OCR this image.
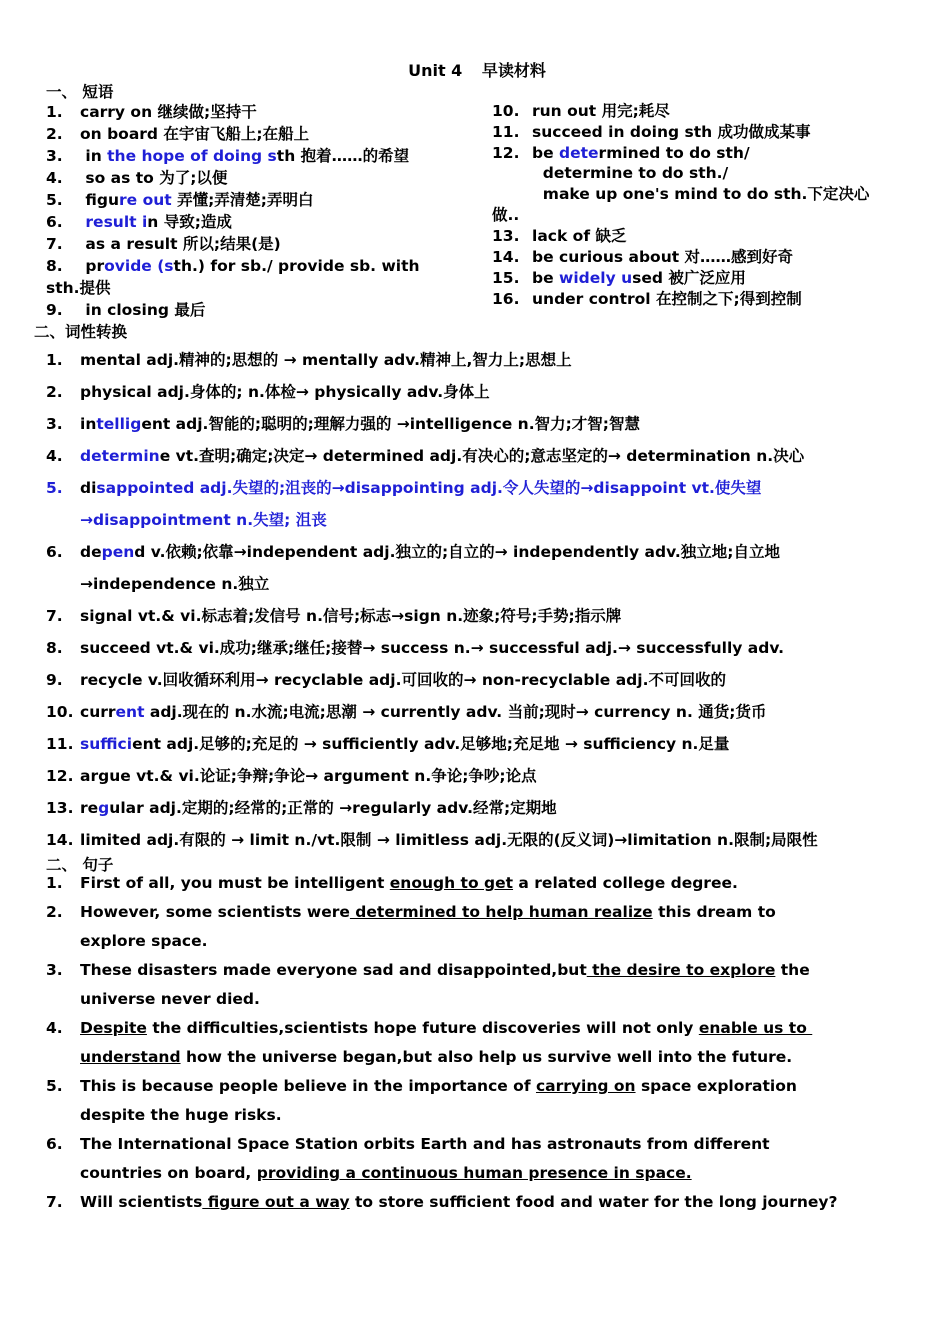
Unit 4 早读材料
一、 短语
1. carry on 继续做;坚持干
2. on board 在宇宙飞船上;在船上
3. in the hope of doing sth 抱着……的希望
4. so as to 为了;以便
5. figure out 弄懂;弄清楚;弄明白
6.	result in 导致;造成
7. as a result 所以;结果(是)
8. provide (sth.) for sb./ provide sb. with
sth.提供
9. in closing 最后
10. run out 用完;耗尽
11. succeed in doing sth 成功做成某事
12. be determined to do sth/
determine to do sth./
make up one's mind to do sth.下定决心
做..
13. lack of 缺乏
14. be curious about 对……感到好奇
15. be widely used 被广泛应用
16. under control 在控制之下;得到控制
二、词性转换
1. mental adj.精神的;思想的 → mentally adv.精神上,智力上;思想上
2. physical adj.身体的; n.体检→ physically adv.身体上
3. intelligent adj.智能的;聪明的;理解力强的 →intelligence n.智力;才智;智慧
4. determine vt.查明;确定;决定→ determined adj.有决心的;意志坚定的→ determination n.决心
5. disappointed adj.失望的;沮丧的→disappointing adj.令人失望的→disappoint vt.使失望
→disappointment n.失望; 沮丧
6. depend v.依赖;依靠→independent adj.独立的;自立的→ independently adv.独立地;自立地
→independence n.独立
7. signal vt.& vi.标志着;发信号 n.信号;标志→sign n.迹象;符号;手势;指示牌
8. succeed vt.& vi.成功;继承;继任;接替→ success n.→ successful adj.→ successfully adv.
9. recycle v.回收循环利用→ recyclable adj.可回收的→ non-recyclable adj.不可回收的
10. current adj.现在的 n.水流;电流;思潮 → currently adv. 当前;现时→ currency n. 通货;货币
11. sufficient adj.足够的;充足的 → sufficiently adv.足够地;充足地 → sufficiency n.足量
12. argue vt.& vi.论证;争辩;争论→ argument n.争论;争吵;论点
13. regular adj.定期的;经常的;正常的 →regularly adv.经常;定期地
14. limited adj.有限的 → limit n./vt.限制 → limitless adj.无限的(反义词)→limitation n.限制;局限性
二、 句子
1. First of all, you must be intelligent enough to get a related college degree.
2. However, some scientists were determined to help human realize this dream to
explore space.
3. These disasters made everyone sad and disappointed,but the desire to explore the
universe never died.
4. Despite the difficulties,scientists hope future discoveries will not only enable us to
understand how the universe began,but also help us survive well into the future.
5. This is because people believe in the importance of carrying on space exploration
despite the huge risks.
6. The International Space Station orbits Earth and has astronauts from different
countries on board, providing a continuous human presence in space.
7. Will scientists figure out a way to store sufficient food and water for the long journey?
